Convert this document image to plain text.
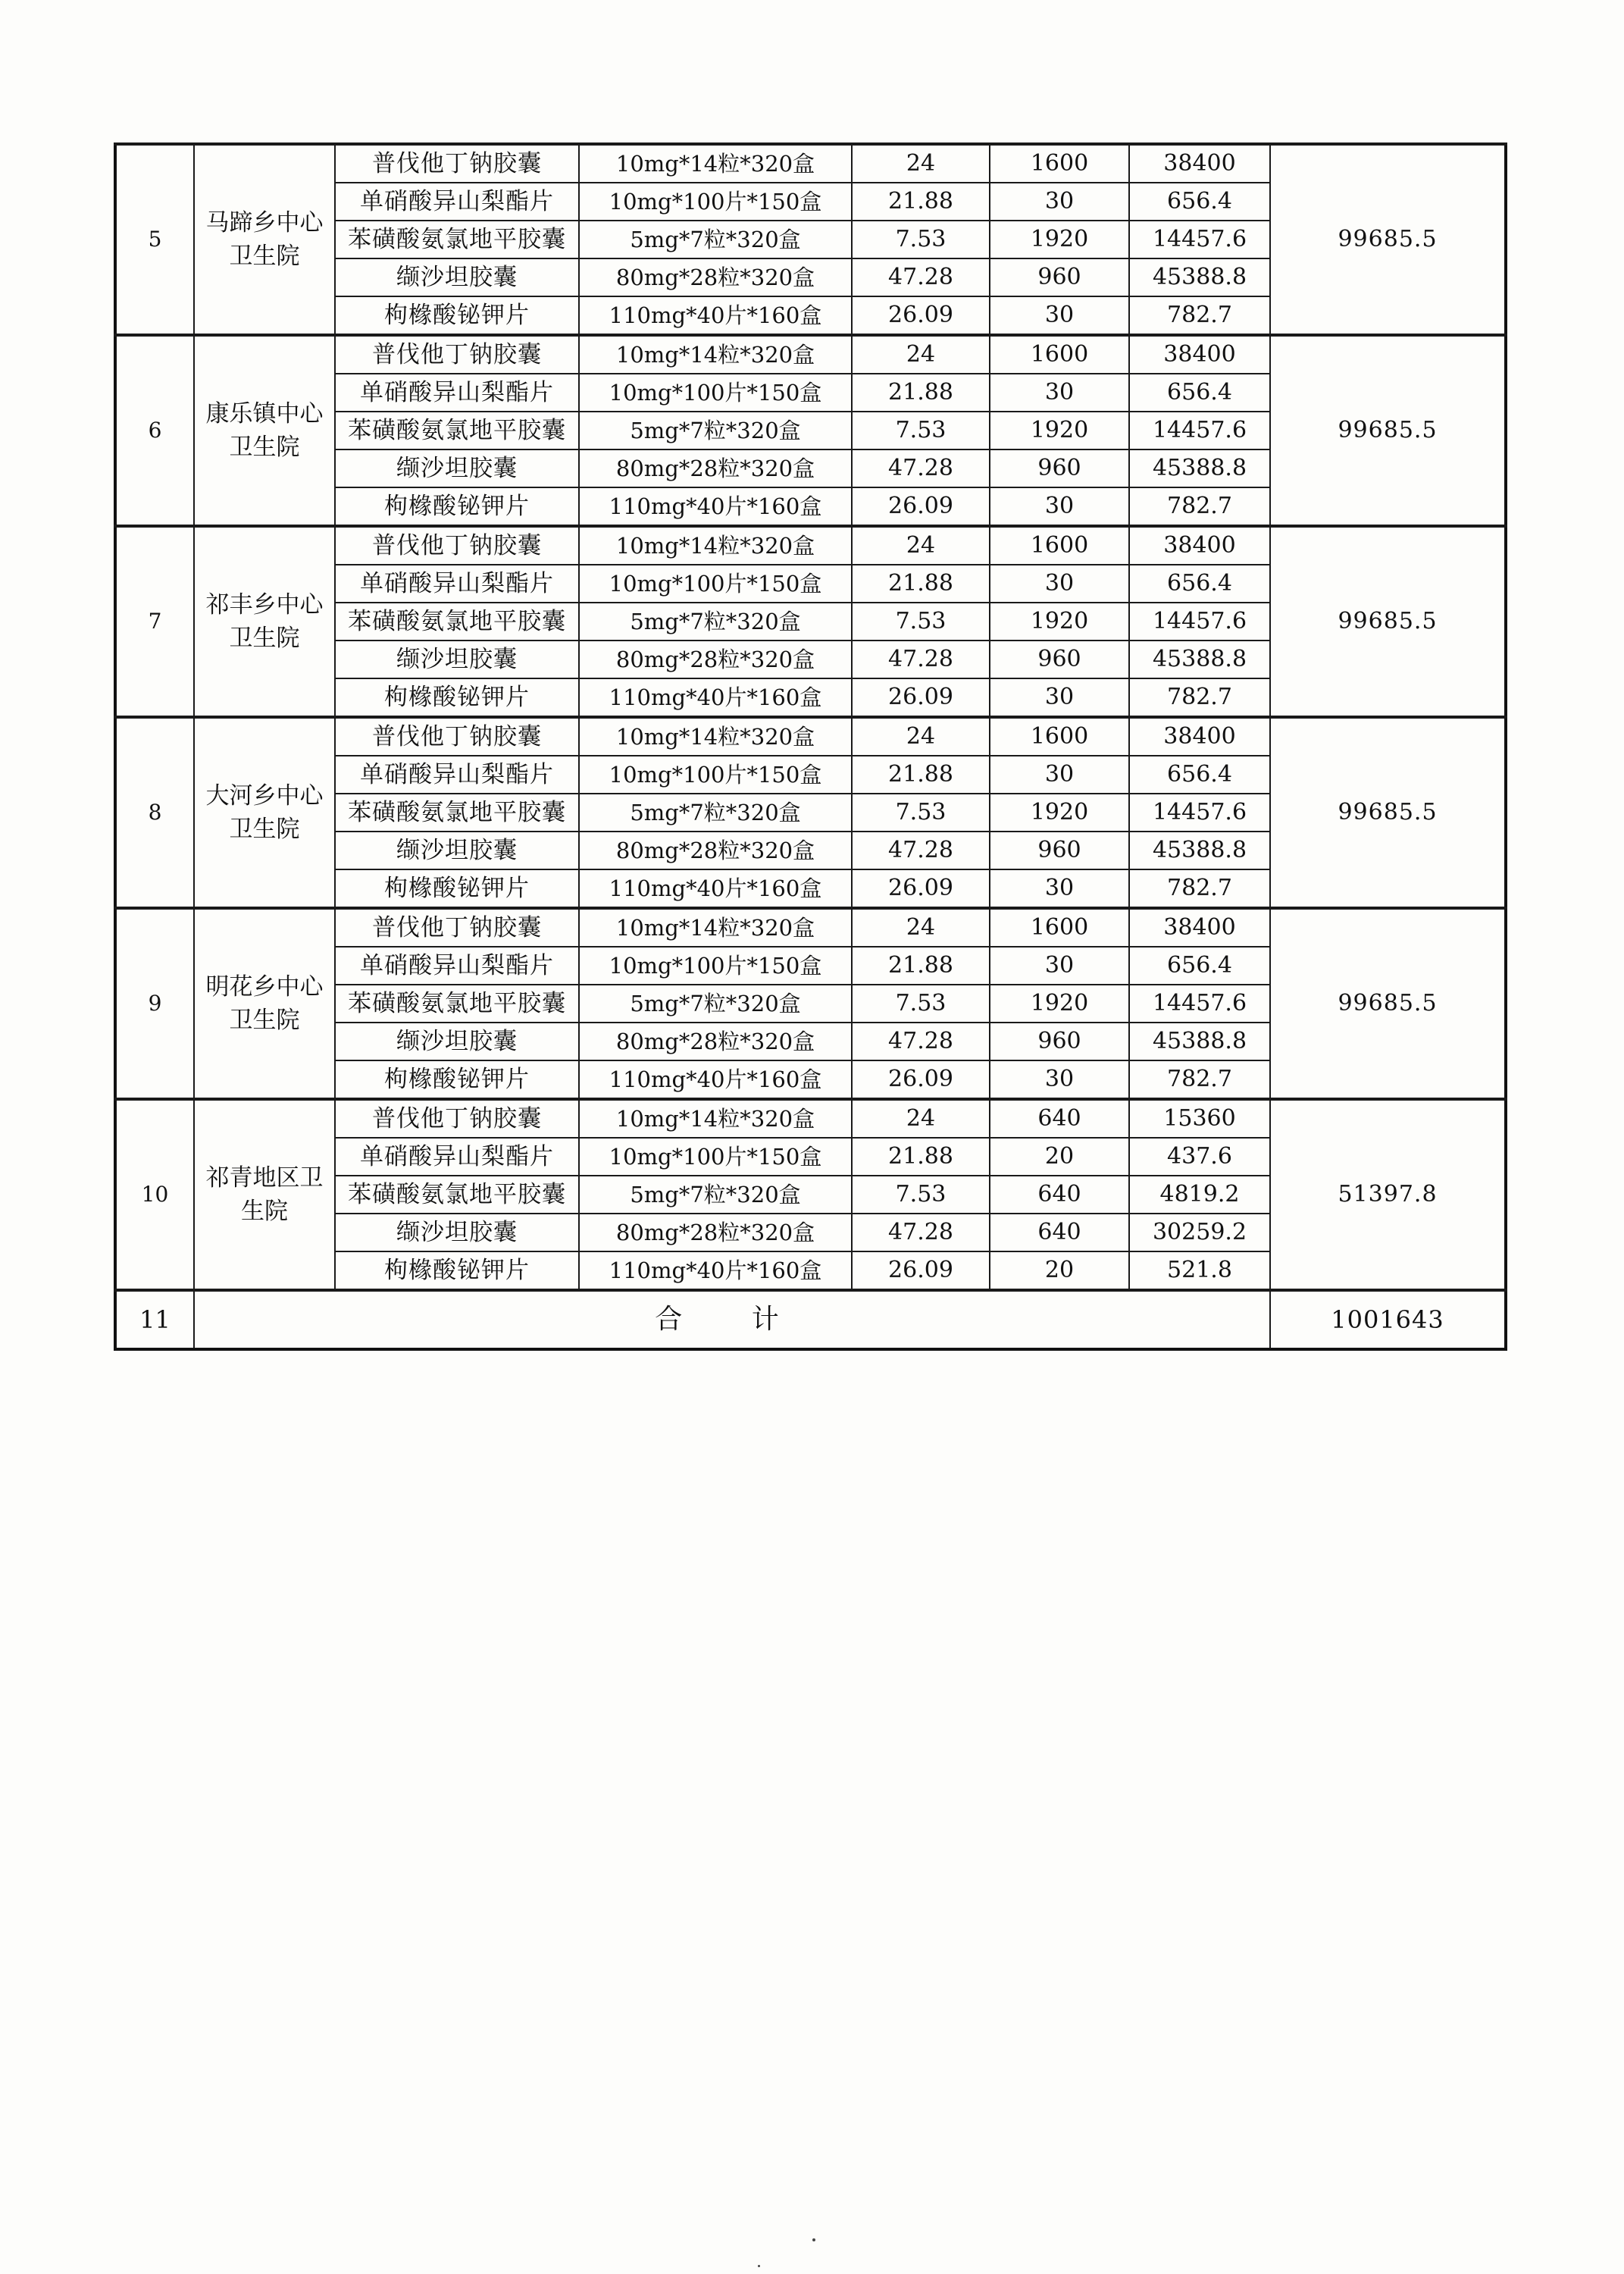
5	马蹄乡中心卫生院	普伐他丁钠胶囊	10mg*14粒*320盒	24	1600	38400	99685.5
		单硝酸异山梨酯片	10mg*100片*150盒	21.88	30	656.4	
		苯磺酸氨氯地平胶囊	5mg*7粒*320盒	7.53	1920	14457.6	
		缬沙坦胶囊	80mg*28粒*320盒	47.28	960	45388.8	
		枸橼酸铋钾片	110mg*40片*160盒	26.09	30	782.7	
6	康乐镇中心卫生院	普伐他丁钠胶囊	10mg*14粒*320盒	24	1600	38400	99685.5
		单硝酸异山梨酯片	10mg*100片*150盒	21.88	30	656.4	
		苯磺酸氨氯地平胶囊	5mg*7粒*320盒	7.53	1920	14457.6	
		缬沙坦胶囊	80mg*28粒*320盒	47.28	960	45388.8	
		枸橼酸铋钾片	110mg*40片*160盒	26.09	30	782.7	
7	祁丰乡中心卫生院	普伐他丁钠胶囊	10mg*14粒*320盒	24	1600	38400	99685.5
		单硝酸异山梨酯片	10mg*100片*150盒	21.88	30	656.4	
		苯磺酸氨氯地平胶囊	5mg*7粒*320盒	7.53	1920	14457.6	
		缬沙坦胶囊	80mg*28粒*320盒	47.28	960	45388.8	
		枸橼酸铋钾片	110mg*40片*160盒	26.09	30	782.7	
8	大河乡中心卫生院	普伐他丁钠胶囊	10mg*14粒*320盒	24	1600	38400	99685.5
		单硝酸异山梨酯片	10mg*100片*150盒	21.88	30	656.4	
		苯磺酸氨氯地平胶囊	5mg*7粒*320盒	7.53	1920	14457.6	
		缬沙坦胶囊	80mg*28粒*320盒	47.28	960	45388.8	
		枸橼酸铋钾片	110mg*40片*160盒	26.09	30	782.7	
9	明花乡中心卫生院	普伐他丁钠胶囊	10mg*14粒*320盒	24	1600	38400	99685.5
		单硝酸异山梨酯片	10mg*100片*150盒	21.88	30	656.4	
		苯磺酸氨氯地平胶囊	5mg*7粒*320盒	7.53	1920	14457.6	
		缬沙坦胶囊	80mg*28粒*320盒	47.28	960	45388.8	
		枸橼酸铋钾片	110mg*40片*160盒	26.09	30	782.7	
10	祁青地区卫生院	普伐他丁钠胶囊	10mg*14粒*320盒	24	640	15360	51397.8
		单硝酸异山梨酯片	10mg*100片*150盒	21.88	20	437.6	
		苯磺酸氨氯地平胶囊	5mg*7粒*320盒	7.53	640	4819.2	
		缬沙坦胶囊	80mg*28粒*320盒	47.28	640	30259.2	
		枸橼酸铋钾片	110mg*40片*160盒	26.09	20	521.8	
11	合 计						1001643
